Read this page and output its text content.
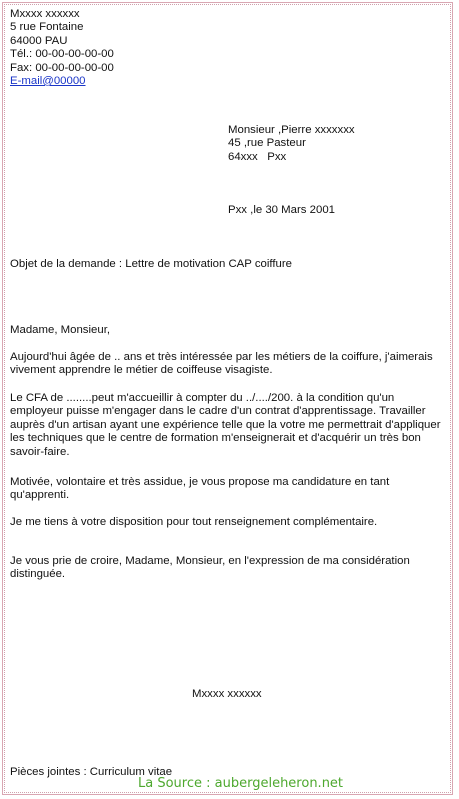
Mxxxx xxxxxx
5 rue Fontaine
64000 PAU
Tél.: 00-00-00-00-00
Fax: 00-00-00-00-00
E-mail@00000
Monsieur ,Pierre xxxxxxx
45 ,rue Pasteur
64xxx   Pxx
Pxx ,le 30 Mars 2001
Objet de la demande : Lettre de motivation CAP coiffure
Madame, Monsieur,
Aujourd'hui âgée de .. ans et très intéressée par les métiers de la coiffure, j'aimerais
vivement apprendre le métier de coiffeuse visagiste.
Le CFA de ........peut m'accueillir à compter du ../..../200. à la condition qu'un
employeur puisse m'engager dans le cadre d'un contrat d'apprentissage. Travailler
auprès d'un artisan ayant une expérience telle que la votre me permettrait d'appliquer
les techniques que le centre de formation m'enseignerait et d'acquérir un très bon
savoir-faire.
Motivée, volontaire et très assidue, je vous propose ma candidature en tant
qu'apprenti.
Je me tiens à votre disposition pour tout renseignement complémentaire.
Je vous prie de croire, Madame, Monsieur, en l'expression de ma considération
distinguée.
Mxxxx xxxxxx
Pièces jointes : Curriculum vitae
La Source : aubergeleheron.net
